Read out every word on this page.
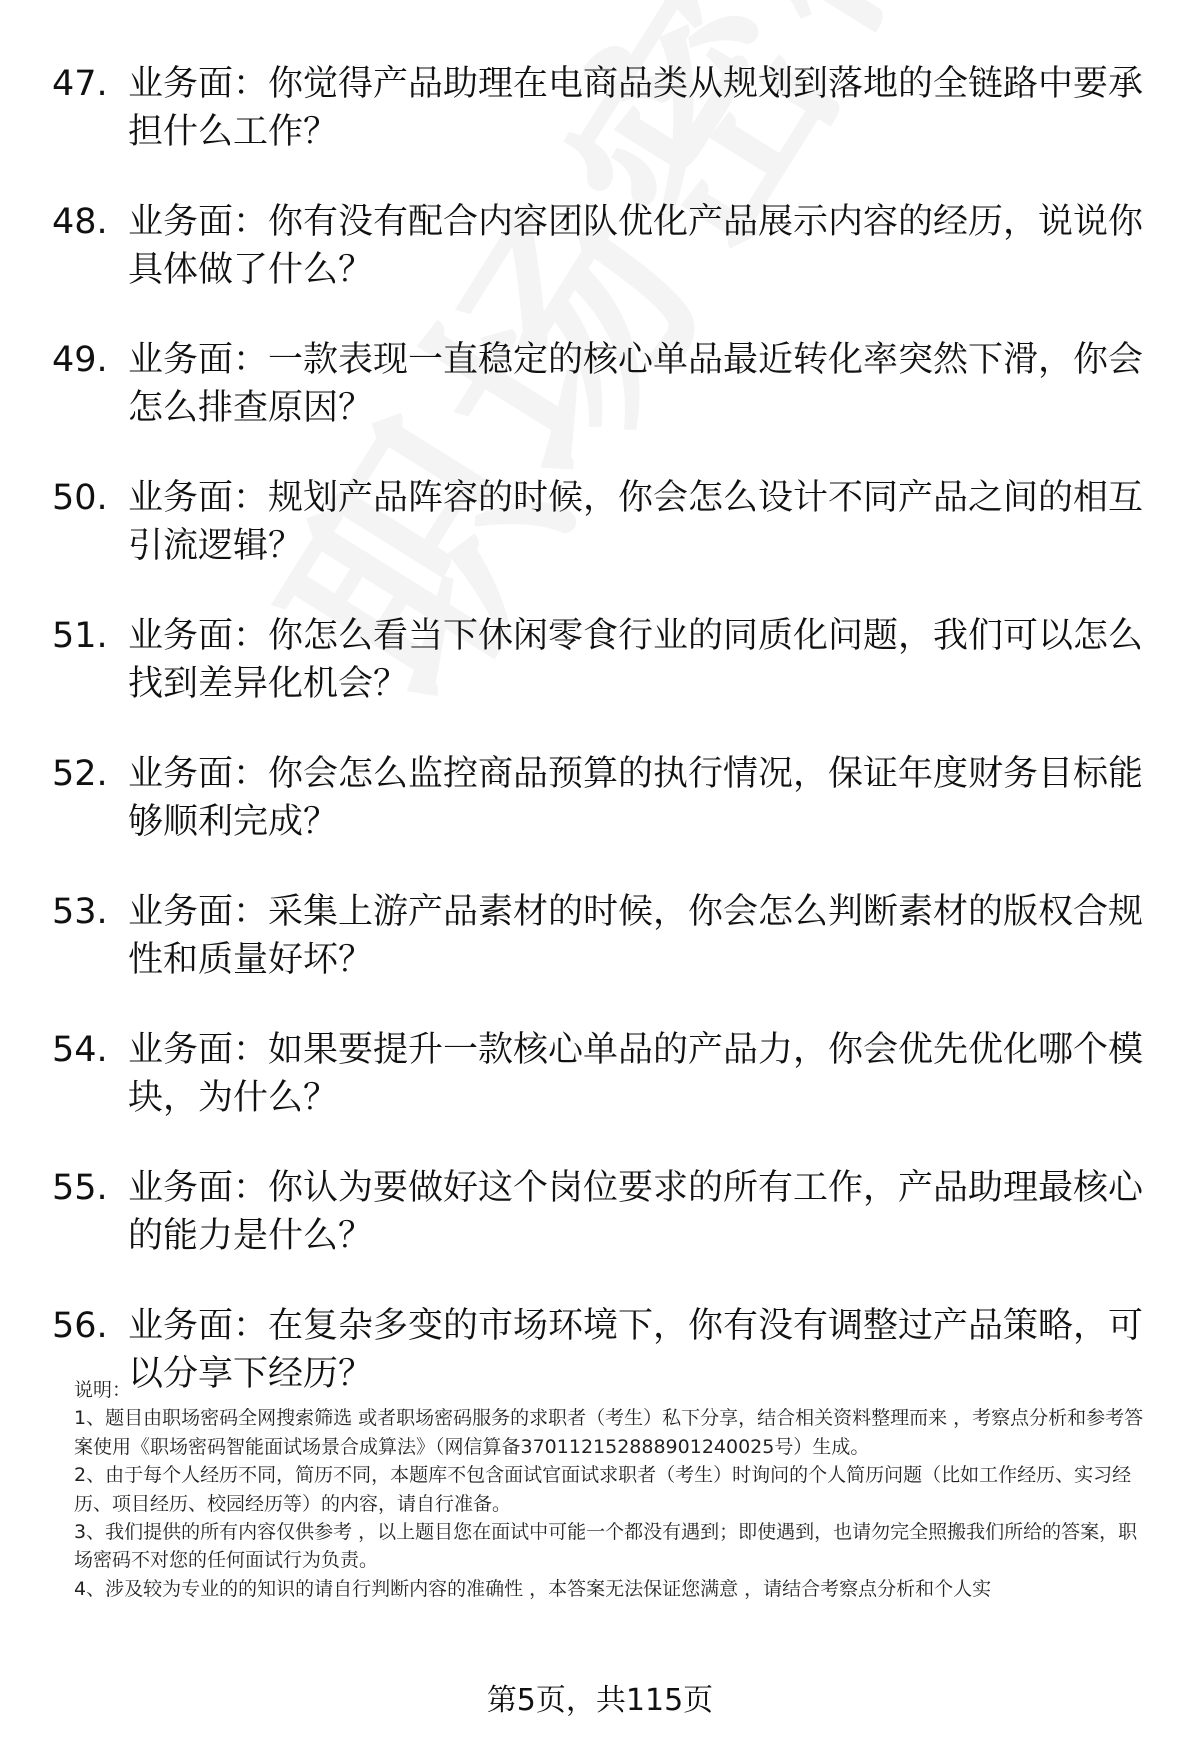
47. 业务面：你觉得产品助理在电商品类从规划到落地的全链路中要承担什么工作？
48. 业务面：你有没有配合内容团队优化产品展示内容的经历，说说你具体做了什么？
49. 业务面：一款表现一直稳定的核心单品最近转化率突然下滑，你会怎么排查原因？
50. 业务面：规划产品阵容的时候，你会怎么设计不同产品之间的相互引流逻辑？
51. 业务面：你怎么看当下休闲零食行业的同质化问题，我们可以怎么找到差异化机会？
52. 业务面：你会怎么监控商品预算的执行情况，保证年度财务目标能够顺利完成？
53. 业务面：采集上游产品素材的时候，你会怎么判断素材的版权合规性和质量好坏？
54. 业务面：如果要提升一款核心单品的产品力，你会优先优化哪个模块，为什么？
55. 业务面：你认为要做好这个岗位要求的所有工作，产品助理最核心的能力是什么？
56. 业务面：在复杂多变的市场环境下，你有没有调整过产品策略，可以分享下经历？

说明：

1、题目由职场密码全网搜索筛选 或者职场密码服务的求职者（考生）私下分享，结合相关资料整理而来 ，考察点分析和参考答案使用《职场密码智能面试场景合成算法》（网信算备370112152888901240025号）生成。

2、由于每个人经历不同，简历不同，本题库不包含面试官面试求职者（考生）时询问的个人简历问题（比如工作经历、实习经历、项目经历、校园经历等）的内容，请自行准备。

3、我们提供的所有内容仅供参考 ，以上题目您在面试中可能一个都没有遇到；即使遇到，也请勿完全照搬我们所给的答案，职场密码不对您的任何面试行为负责。

4、涉及较为专业的的知识的请自行判断内容的准确性 ，本答案无法保证您满意 ，请结合考察点分析和个人实

第5页，共115页
